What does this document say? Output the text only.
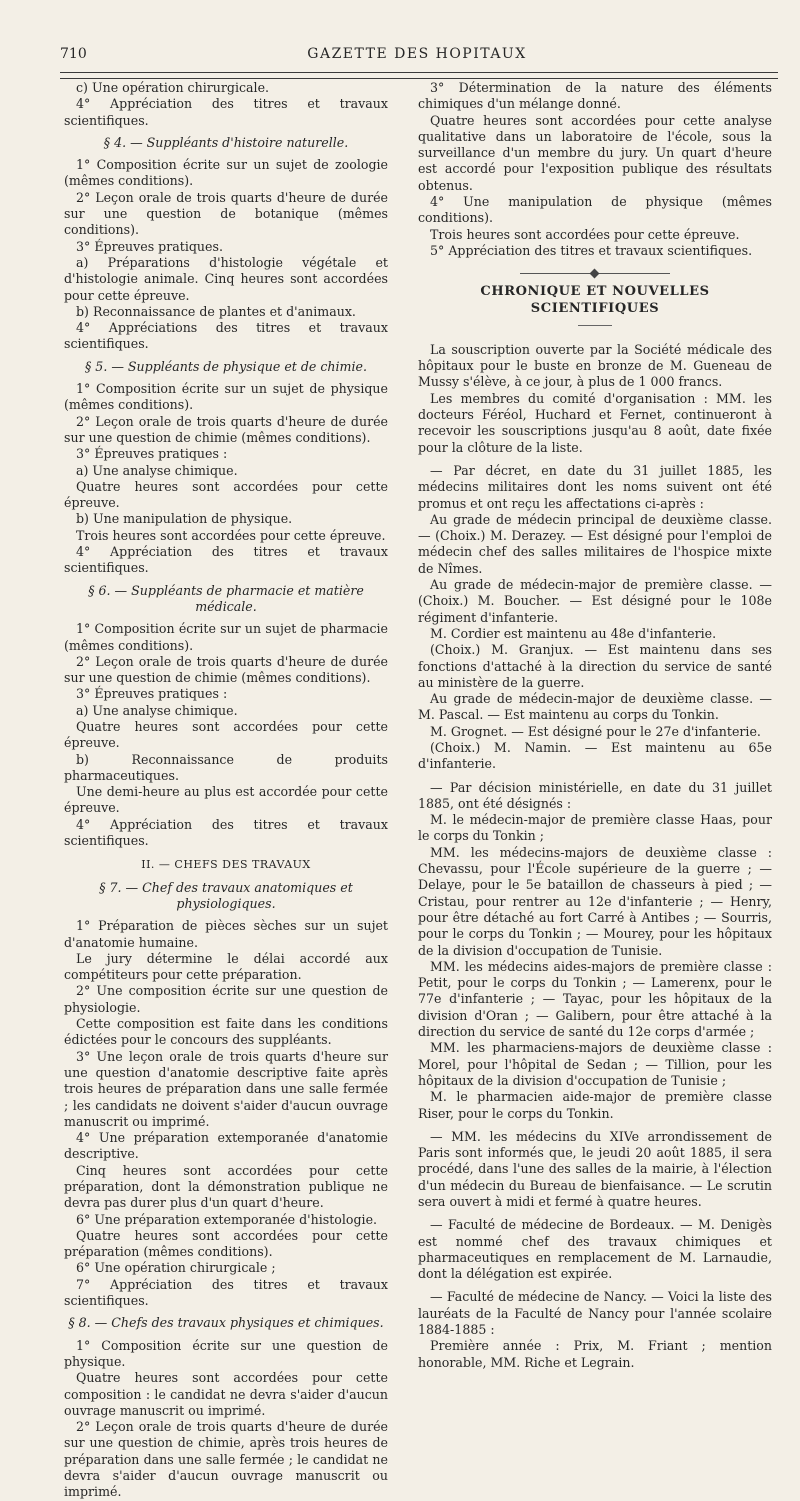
710	GAZETTE DES HOPITAUX

c) Une opération chirurgicale.

4° Appréciation des titres et travaux scientifiques.

§ 4. — Suppléants d'histoire naturelle.

1° Composition écrite sur un sujet de zoologie (mêmes conditions).

2° Leçon orale de trois quarts d'heure de durée sur une question de botanique (mêmes conditions).

3° Épreuves pratiques.

a) Préparations d'histologie végétale et d'histologie animale. Cinq heures sont accordées pour cette épreuve.

b) Reconnaissance de plantes et d'animaux.

4° Appréciations des titres et travaux scientifiques.

§ 5. — Suppléants de physique et de chimie.

1° Composition écrite sur un sujet de physique (mêmes conditions).

2° Leçon orale de trois quarts d'heure de durée sur une question de chimie (mêmes conditions).

3° Épreuves pratiques :

a) Une analyse chimique.

Quatre heures sont accordées pour cette épreuve.

b) Une manipulation de physique.

Trois heures sont accordées pour cette épreuve.

4° Appréciation des titres et travaux scientifiques.

§ 6. — Suppléants de pharmacie et matière médicale.

1° Composition écrite sur un sujet de pharmacie (mêmes conditions).

2° Leçon orale de trois quarts d'heure de durée sur une question de chimie (mêmes conditions).

3° Épreuves pratiques :

a) Une analyse chimique.

Quatre heures sont accordées pour cette épreuve.

b) Reconnaissance de produits pharmaceutiques.

Une demi-heure au plus est accordée pour cette épreuve.

4° Appréciation des titres et travaux scientifiques.

II. — CHEFS DES TRAVAUX

§ 7. — Chef des travaux anatomiques et physiologiques.

1° Préparation de pièces sèches sur un sujet d'anatomie humaine.

Le jury détermine le délai accordé aux compétiteurs pour cette préparation.

2° Une composition écrite sur une question de physiologie.

Cette composition est faite dans les conditions édictées pour le concours des suppléants.

3° Une leçon orale de trois quarts d'heure sur une question d'anatomie descriptive faite après trois heures de préparation dans une salle fermée ; les candidats ne doivent s'aider d'aucun ouvrage manuscrit ou imprimé.

4° Une préparation extemporanée d'anatomie descriptive.

Cinq heures sont accordées pour cette préparation, dont la démonstration publique ne devra pas durer plus d'un quart d'heure.

6° Une préparation extemporanée d'histologie.

Quatre heures sont accordées pour cette préparation (mêmes conditions).

6° Une opération chirurgicale ;

7° Appréciation des titres et travaux scientifiques.

§ 8. — Chefs des travaux physiques et chimiques.

1° Composition écrite sur une question de physique.

Quatre heures sont accordées pour cette composition : le candidat ne devra s'aider d'aucun ouvrage manuscrit ou imprimé.

2° Leçon orale de trois quarts d'heure de durée sur une question de chimie, après trois heures de préparation dans une salle fermée ; le candidat ne devra s'aider d'aucun ouvrage manuscrit ou imprimé.

3° Détermination de la nature des éléments chimiques d'un mélange donné.

Quatre heures sont accordées pour cette analyse qualitative dans un laboratoire de l'école, sous la surveillance d'un membre du jury. Un quart d'heure est accordé pour l'exposition publique des résultats obtenus.

4° Une manipulation de physique (mêmes conditions).

Trois heures sont accordées pour cette épreuve.

5° Appréciation des titres et travaux scientifiques.

CHRONIQUE ET NOUVELLES SCIENTIFIQUES

La souscription ouverte par la Société médicale des hôpitaux pour le buste en bronze de M. Gueneau de Mussy s'élève, à ce jour, à plus de 1 000 francs.

Les membres du comité d'organisation : MM. les docteurs Féréol, Huchard et Fernet, continueront à recevoir les souscriptions jusqu'au 8 août, date fixée pour la clôture de la liste.

— Par décret, en date du 31 juillet 1885, les médecins militaires dont les noms suivent ont été promus et ont reçu les affectations ci-après :

Au grade de médecin principal de deuxième classe. — (Choix.) M. Derazey. — Est désigné pour l'emploi de médecin chef des salles militaires de l'hospice mixte de Nîmes.

Au grade de médecin-major de première classe. — (Choix.) M. Boucher. — Est désigné pour le 108e régiment d'infanterie.

M. Cordier est maintenu au 48e d'infanterie.

(Choix.) M. Granjux. — Est maintenu dans ses fonctions d'attaché à la direction du service de santé au ministère de la guerre.

Au grade de médecin-major de deuxième classe. — M. Pascal. — Est maintenu au corps du Tonkin.

M. Grognet. — Est désigné pour le 27e d'infanterie.

(Choix.) M. Namin. — Est maintenu au 65e d'infanterie.

— Par décision ministérielle, en date du 31 juillet 1885, ont été désignés :

M. le médecin-major de première classe Haas, pour le corps du Tonkin ;

MM. les médecins-majors de deuxième classe : Chevassu, pour l'École supérieure de la guerre ; — Delaye, pour le 5e bataillon de chasseurs à pied ; — Cristau, pour rentrer au 12e d'infanterie ; — Henry, pour être détaché au fort Carré à Antibes ; — Sourris, pour le corps du Tonkin ; — Mourey, pour les hôpitaux de la division d'occupation de Tunisie.

MM. les médecins aides-majors de première classe : Petit, pour le corps du Tonkin ; — Lamerenx, pour le 77e d'infanterie ; — Tayac, pour les hôpitaux de la division d'Oran ; — Galibern, pour être attaché à la direction du service de santé du 12e corps d'armée ;

MM. les pharmaciens-majors de deuxième classe : Morel, pour l'hôpital de Sedan ; — Tillion, pour les hôpitaux de la division d'occupation de Tunisie ;

M. le pharmacien aide-major de première classe Riser, pour le corps du Tonkin.

— MM. les médecins du XIVe arrondissement de Paris sont informés que, le jeudi 20 août 1885, il sera procédé, dans l'une des salles de la mairie, à l'élection d'un médecin du Bureau de bienfaisance. — Le scrutin sera ouvert à midi et fermé à quatre heures.

— Faculté de médecine de Bordeaux. — M. Denigès est nommé chef des travaux chimiques et pharmaceutiques en remplacement de M. Larnaudie, dont la délégation est expirée.

— Faculté de médecine de Nancy. — Voici la liste des lauréats de la Faculté de Nancy pour l'année scolaire 1884-1885 :

Première année : Prix, M. Friant ; mention honorable, MM. Riche et Legrain.
